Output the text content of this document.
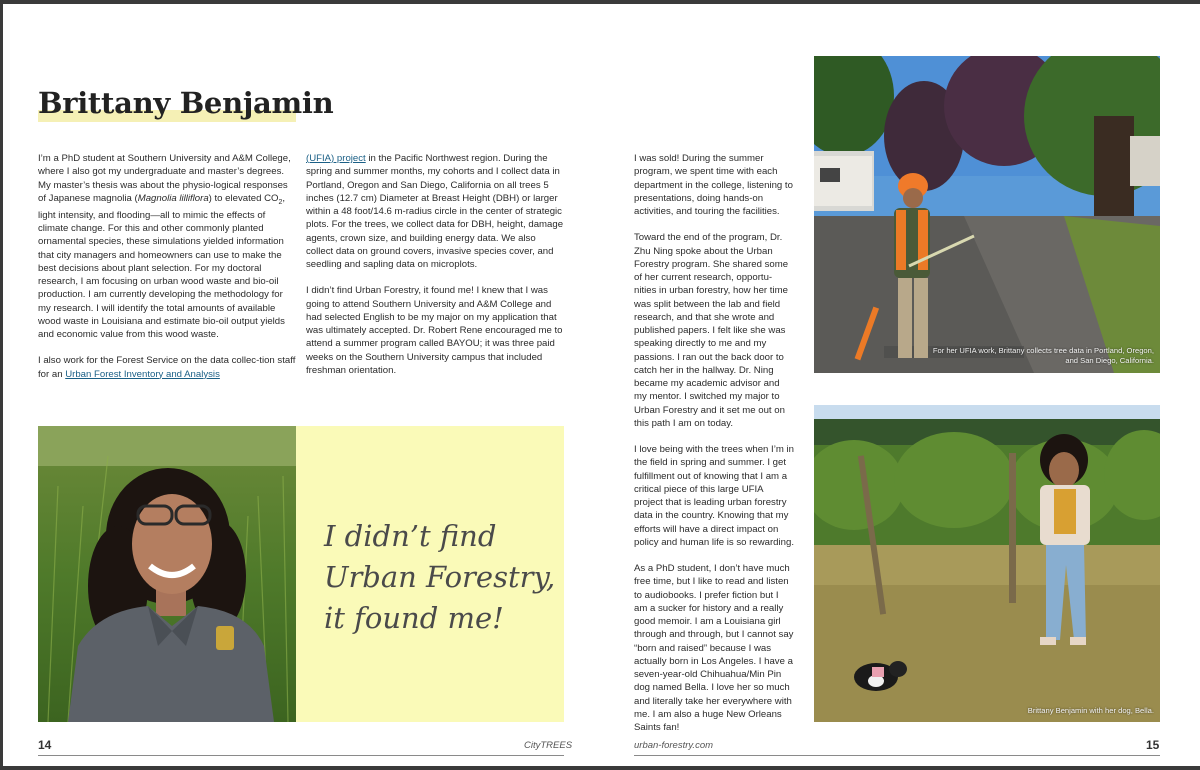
Brittany Benjamin

I’m a PhD student at Southern University and A&M College, where I also got my undergraduate and master’s degrees. My master’s thesis was about the physio-logical responses of Japanese magnolia (Magnolia lilliflora) to elevated $CO_2$, light intensity, and flooding—all to mimic the effects of climate change. For this and other commonly planted ornamental species, these simulations yielded information that city managers and homeowners can use to make the best decisions about plant selection. For my doctoral research, I am focusing on urban wood waste and bio-oil production. I am currently developing the methodology for my research. I will identify the total amounts of available wood waste in Louisiana and estimate bio-oil output yields and economic value from this wood waste.

I also work for the Forest Service on the data collec-tion staff for an Urban Forest Inventory and Analysis

(UFIA) project in the Pacific Northwest region. During the spring and summer months, my cohorts and I collect data in Portland, Oregon and San Diego, California on all trees 5 inches (12.7 cm) Diameter at Breast Height (DBH) or larger within a 48 foot/14.6 m-radius circle in the center of strategic plots. For the trees, we collect data for DBH, height, damage agents, crown size, and building energy data. We also collect data on ground covers, invasive species cover, and seedling and sapling data on microplots.

I didn’t find Urban Forestry, it found me! I knew that I was going to attend Southern University and A&M College and had selected English to be my major on my application that was ultimately accepted. Dr. Robert Rene encouraged me to attend a summer program called BAYOU; it was three paid weeks on the Southern University campus that included freshman orientation.

I was sold! During the summer program, we spent time with each department in the college, listening to presentations, doing hands-on activities, and touring the facilities.

Toward the end of the program, Dr. Zhu Ning spoke about the Urban Forestry program. She shared some of her current research, opportu-nities in urban forestry, how her time was split between the lab and field research, and that she wrote and published papers. I felt like she was speaking directly to me and my passions. I ran out the back door to catch her in the hallway. Dr. Ning became my academic advisor and my mentor. I switched my major to Urban Forestry and it set me out on this path I am on today.

I love being with the trees when I’m in the field in spring and summer. I get fulfillment out of knowing that I am a critical piece of this large UFIA project that is leading urban forestry data in the country. Knowing that my efforts will have a direct impact on policy and human life is so rewarding.

As a PhD student, I don’t have much free time, but I like to read and listen to audiobooks. I prefer fiction but I am a sucker for history and a really good memoir. I am a Louisiana girl through and through, but I cannot say “born and raised” because I was actually born in Los Angeles. I have a seven-year-old Chihuahua/Min Pin dog named Bella. I love her so much and literally take her everywhere with me. I am also a huge New Orleans Saints fan!

I didn’t find
Urban Forestry,
it found me!
For her UFIA work, Brittany collects tree data in Portland, Oregon, and San Diego, California.
Brittany Benjamin with her dog, Bella.
14	CityTREES	urban-forestry.com	15
